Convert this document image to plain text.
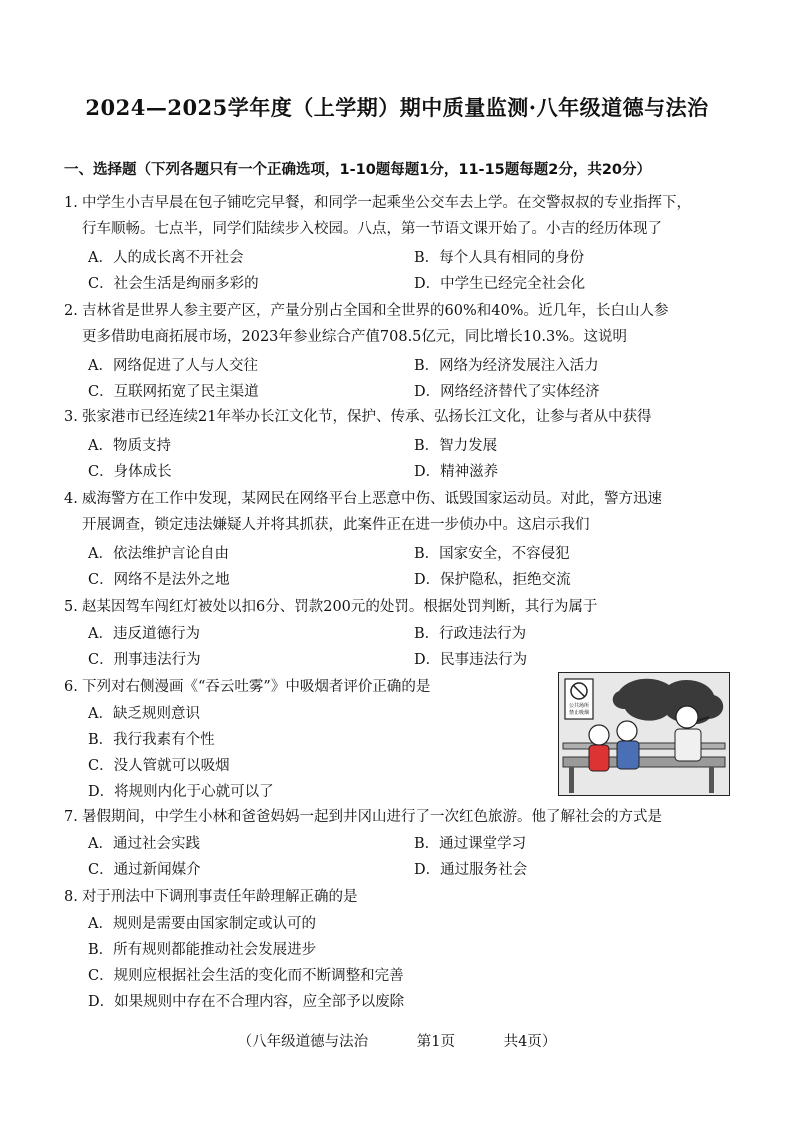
2024—2025学年度（上学期）期中质量监测·八年级道德与法治
一、选择题（下列各题只有一个正确选项，1-10题每题1分，11-15题每题2分，共20分）
1. 中学生小吉早晨在包子铺吃完早餐，和同学一起乘坐公交车去上学。在交警叔叔的专业指挥下，
行车顺畅。七点半，同学们陆续步入校园。八点，第一节语文课开始了。小吉的经历体现了
A．人的成长离不开社会	B．每个人具有相同的身份
C．社会生活是绚丽多彩的	D．中学生已经完全社会化
2. 吉林省是世界人参主要产区，产量分别占全国和全世界的60%和40%。近几年，长白山人参
更多借助电商拓展市场，2023年参业综合产值708.5亿元，同比增长10.3%。这说明
A．网络促进了人与人交往	B．网络为经济发展注入活力
C．互联网拓宽了民主渠道	D．网络经济替代了实体经济
3. 张家港市已经连续21年举办长江文化节，保护、传承、弘扬长江文化，让参与者从中获得
A．物质支持	B．智力发展
C．身体成长	D．精神滋养
4. 威海警方在工作中发现，某网民在网络平台上恶意中伤、诋毁国家运动员。对此，警方迅速
开展调查，锁定违法嫌疑人并将其抓获，此案件正在进一步侦办中。这启示我们
A．依法维护言论自由	B．国家安全，不容侵犯
C．网络不是法外之地	D．保护隐私，拒绝交流
5. 赵某因驾车闯红灯被处以扣6分、罚款200元的处罚。根据处罚判断，其行为属于
A．违反道德行为	B．行政违法行为
C．刑事违法行为	D．民事违法行为
6. 下列对右侧漫画《“吞云吐雾”》中吸烟者评价正确的是
A．缺乏规则意识
B．我行我素有个性
C．没人管就可以吸烟
D．将规则内化于心就可以了
公共场所
禁止吸烟
7. 暑假期间，中学生小林和爸爸妈妈一起到井冈山进行了一次红色旅游。他了解社会的方式是
A．通过社会实践	B．通过课堂学习
C．通过新闻媒介	D．通过服务社会
8. 对于刑法中下调刑事责任年龄理解正确的是
A．规则是需要由国家制定或认可的
B．所有规则都能推动社会发展进步
C．规则应根据社会生活的变化而不断调整和完善
D．如果规则中存在不合理内容，应全部予以废除
（八年级道德与法治	第1页	共4页）
